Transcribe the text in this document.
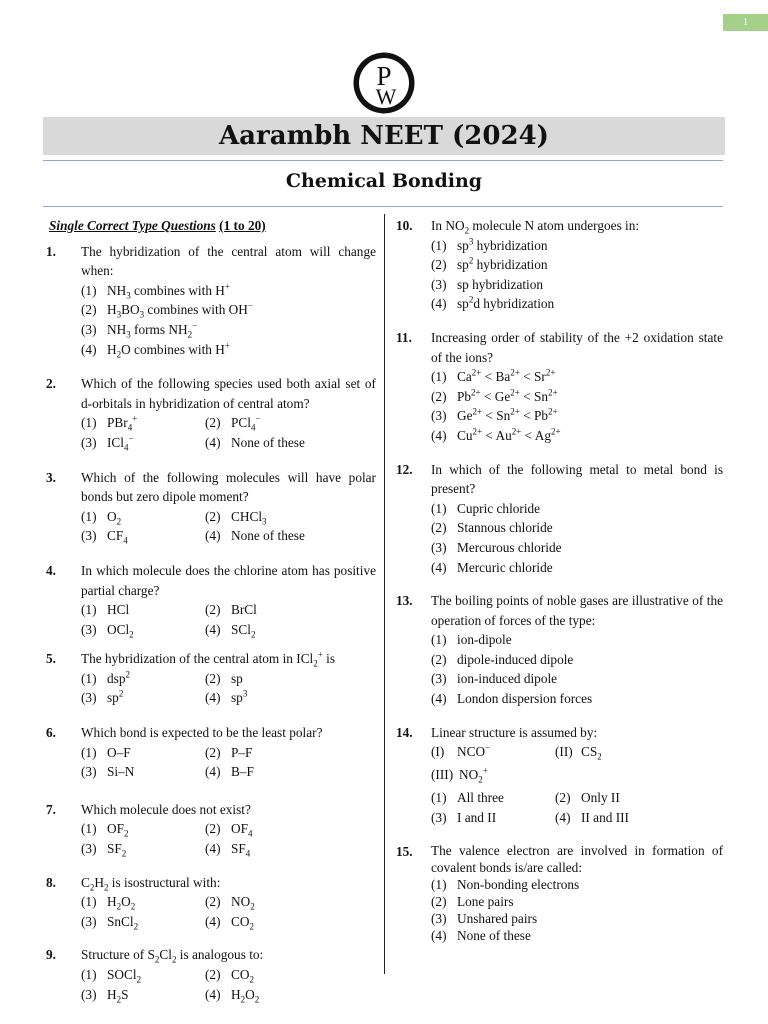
1
P
W
Aarambh NEET (2024)
Chemical Bonding
Single Correct Type Questions (1 to 20)
1.	The hybridization of the central atom will change when:
(1) $NH_3$ combines with H+
(2) $H_3BO_3$ combines with OH−
(3) $NH_3$ forms $NH_2^-$
(4) $H_2O$ combines with H+
2.	Which of the following species used both axial set of d-orbitals in hybridization of central atom?
(1) PBr$_4$+	(2) PCl$_4$−
(3) ICl$_4$−	(4) None of these
3.	Which of the following molecules will have polar bonds but zero dipole moment?
(1) $O_2$	(2) CHCl$_3$
(3) $CF_4$	(4) None of these
4.	In which molecule does the chlorine atom has positive partial charge?
(1) HCl	(2) BrCl
(3) OCl$_2$	(4) SCl$_2$
5.	The hybridization of the central atom in ICl$_2$+ is
(1) dsp$^2$	(2) sp
(3) $sp^2$	(4) $sp^3$
6.	Which bond is expected to be the least polar?
(1) O–F	(2) P–F
(3) Si–N	(4) B–F
7.	Which molecule does not exist?
(1) $OF_2$	(2) $OF_4$
(3) $SF_2$	(4) $SF_4$
8.	$C_2H_2$ is isostructural with:
(1) $H_2O_2$	(2) $NO_2$
(3) SnCl$_2$	(4) $CO_2$
9.	Structure of $S_2Cl_2$ is analogous to:
(1) SOCl$_2$	(2) $CO_2$
(3) $H_2S$	(4) $H_2O_2$
10.	In $NO_2$ molecule N atom undergoes in:
(1) $sp^3$ hybridization
(2) $sp^2$ hybridization
(3) sp hybridization
(4) $sp^2d$ hybridization
11.	Increasing order of stability of the +2 oxidation state of the ions?
(1) $Ca^{2+} < Ba^{2+} < Sr^{2+}$
(2) $Pb^{2+} < Ge^{2+} < Sn^{2+}$
(3) $Ge^{2+} < Sn^{2+} < Pb^{2+}$
(4) $Cu^{2+} < Au^{2+} < Ag^{2+}$
12.	In which of the following metal to metal bond is present?
(1) Cupric chloride
(2) Stannous chloride
(3) Mercurous chloride
(4) Mercuric chloride
13.	The boiling points of noble gases are illustrative of the operation of forces of the type:
(1) ion-dipole
(2) dipole-induced dipole
(3) ion-induced dipole
(4) London dispersion forces
14.	Linear structure is assumed by:
(I) NCO−	(II) $CS_2$
(III) $NO_2^+$
(1) All three	(2) Only II
(3) I and II	(4) II and III
15.	The valence electron are involved in formation of covalent bonds is/are called:
(1) Non-bonding electrons
(2) Lone pairs
(3) Unshared pairs
(4) None of these
